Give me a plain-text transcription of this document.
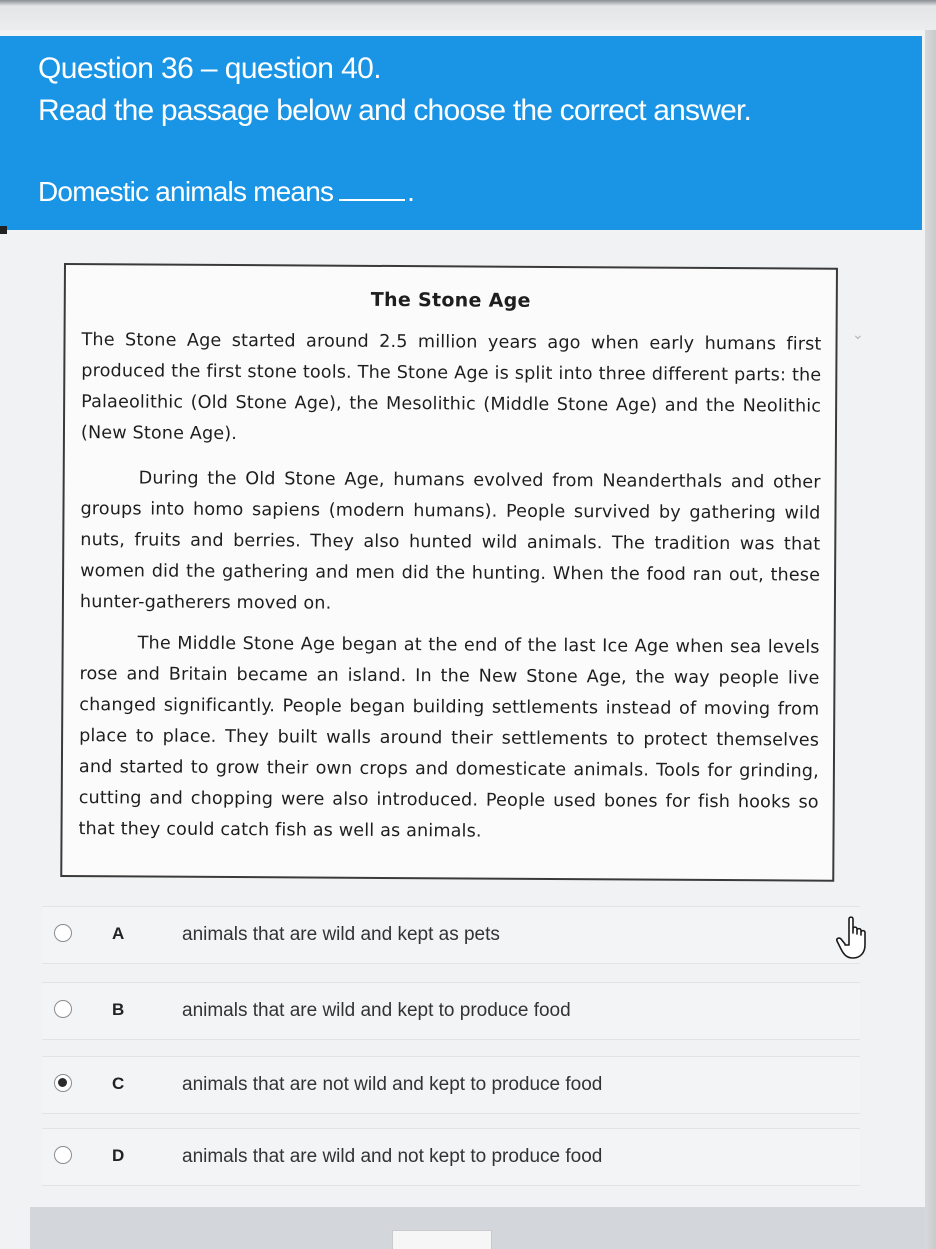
Question 36 – question 40.
Read the passage below and choose the correct answer.
Domestic animals means	.
⌄
The Stone Age
The Stone Age started around 2.5 million years ago when early humans first produced the first stone tools. The Stone Age is split into three different parts: the Palaeolithic (Old Stone Age), the Mesolithic (Middle Stone Age) and the Neolithic (New Stone Age).
During the Old Stone Age, humans evolved from Neanderthals and other groups into homo sapiens (modern humans). People survived by gathering wild nuts, fruits and berries. They also hunted wild animals. The tradition was that women did the gathering and men did the hunting. When the food ran out, these hunter-gatherers moved on.
The Middle Stone Age began at the end of the last Ice Age when sea levels rose and Britain became an island. In the New Stone Age, the way people live changed significantly. People began building settlements instead of moving from place to place. They built walls around their settlements to protect themselves and started to grow their own crops and domesticate animals. Tools for grinding, cutting and chopping were also introduced. People used bones for fish hooks so that they could catch fish as well as animals.
A	animals that are wild and kept as pets
B	animals that are wild and kept to produce food
C	animals that are not wild and kept to produce food
D	animals that are wild and not kept to produce food
